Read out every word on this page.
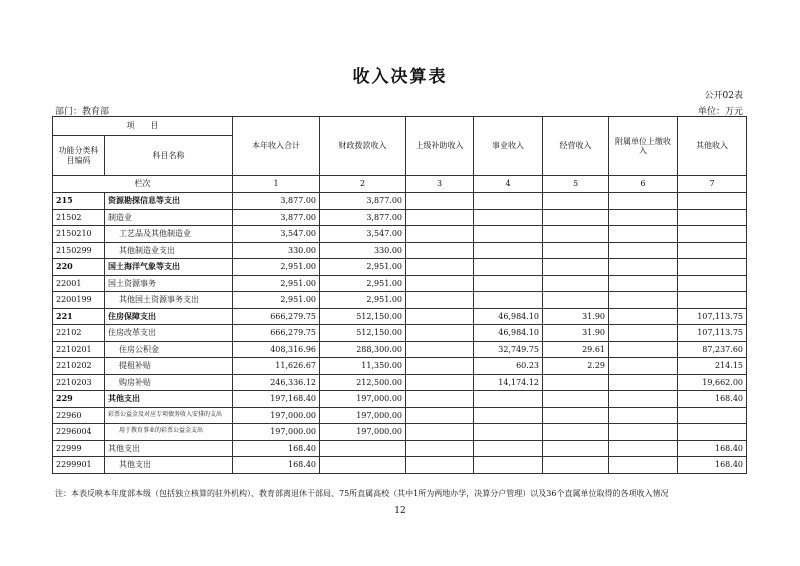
收入决算表
公开02表
部门：教育部	单位：万元
项　　目		本年收入合计	财政拨款收入	上级补助收入	事业收入	经营收入	附属单位上缴收入	其他收入
功能分类科目编码	科目名称							
栏次		1	2	3	4	5	6	7
215	资源勘探信息等支出	3,877.00	3,877.00					
21502	制造业	3,877.00	3,877.00					
2150210	工艺品及其他制造业	3,547.00	3,547.00					
2150299	其他制造业支出	330.00	330.00					
220	国土海洋气象等支出	2,951.00	2,951.00					
22001	国土资源事务	2,951.00	2,951.00					
2200199	其他国土资源事务支出	2,951.00	2,951.00					
221	住房保障支出	666,279.75	512,150.00		46,984.10	31.90		107,113.75
22102	住房改革支出	666,279.75	512,150.00		46,984.10	31.90		107,113.75
2210201	住房公积金	408,316.96	288,300.00		32,749.75	29.61		87,237.60
2210202	提租补贴	11,626.67	11,350.00		60.23	2.29		214.15
2210203	购房补贴	246,336.12	212,500.00		14,174.12			19,662.00
229	其他支出	197,168.40	197,000.00					168.40
22960	彩票公益金及对应专项债务收入安排的支出	197,000.00	197,000.00					
2296004	用于教育事业的彩票公益金支出	197,000.00	197,000.00					
22999	其他支出	168.40						168.40
2299901	其他支出	168.40						168.40
注：本表反映本年度部本级（包括独立核算的驻外机构）、教育部离退休干部局、75所直属高校（其中1所为两地办学，决算分户管理）以及36个直属单位取得的各项收入情况
12
